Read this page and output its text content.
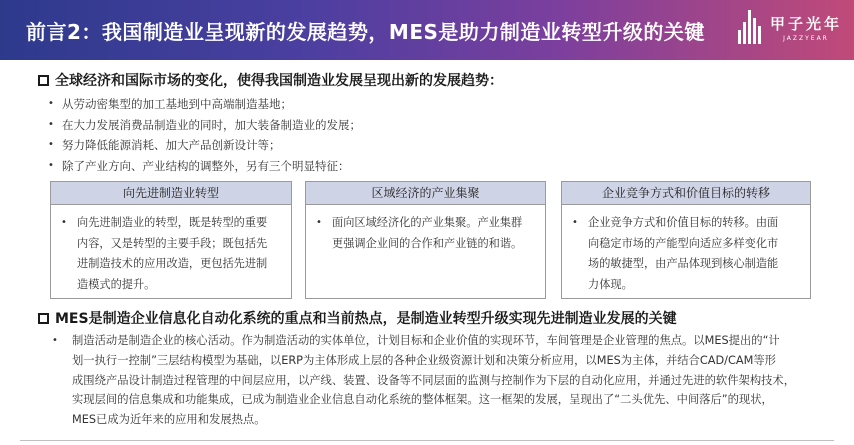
前言2：我国制造业呈现新的发展趋势，MES是助力制造业转型升级的关键	甲子光年
JAZZYEAR
全球经济和国际市场的变化，使得我国制造业发展呈现出新的发展趋势：
• 从劳动密集型的加工基地到中高端制造基地；
• 在大力发展消费品制造业的同时，加大装备制造业的发展；
• 努力降低能源消耗、加大产品创新设计等；
• 除了产业方向、产业结构的调整外，另有三个明显特征：
向先进制造业转型
• 向先进制造业的转型，既是转型的重要
内容，又是转型的主要手段；既包括先
进制造技术的应用改造，更包括先进制
造模式的提升。
区域经济的产业集聚
• 面向区域经济化的产业集聚。产业集群
更强调企业间的合作和产业链的和谐。
企业竞争方式和价值目标的转移
• 企业竞争方式和价值目标的转移。由面
向稳定市场的产能型向适应多样变化市
场的敏捷型，由产品体现到核心制造能
力体现。
MES是制造企业信息化自动化系统的重点和当前热点，是制造业转型升级实现先进制造业发展的关键
•	制造活动是制造企业的核心活动。作为制造活动的实体单位，计划目标和企业价值的实现环节，车间管理是企业管理的焦点。以MES提出的“计
划一执行一控制”三层结构模型为基础，以ERP为主体形成上层的各种企业级资源计划和决策分析应用，以MES为主体，并结合CAD/CAM等形
成围绕产品设计制造过程管理的中间层应用，以产线、装置、设备等不同层面的监测与控制作为下层的自动化应用，并通过先进的软件架构技术，
实现层间的信息集成和功能集成，已成为制造业企业信息自动化系统的整体框架。这一框架的发展，呈现出了“二头优先、中间落后”的现状，
MES已成为近年来的应用和发展热点。
